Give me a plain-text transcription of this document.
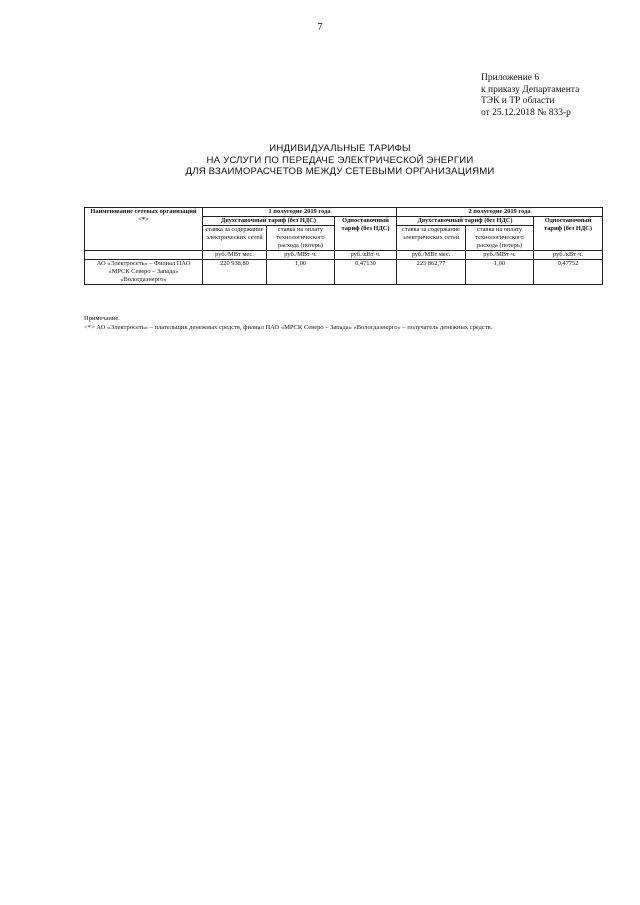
7
Приложение 6
к приказу Департамента
ТЭК и ТР области
от 25.12.2018 № 833-р
ИНДИВИДУАЛЬНЫЕ ТАРИФЫ
НА УСЛУГИ ПО ПЕРЕДАЧЕ ЭЛЕКТРИЧЕСКОЙ ЭНЕРГИИ
ДЛЯ ВЗАИМОРАСЧЕТОВ МЕЖДУ СЕТЕВЫМИ ОРГАНИЗАЦИЯМИ
Наименование сетевых организаций <*>	1 полугодие 2019 года			2 полугодие 2019 года		
	Двухставочный тариф (без НДС)		Одноставочный тариф (без НДС)	Двухставочный тариф (без НДС)		Одноставочный тариф (без НДС)
	ставка за содержание электрических сетей	ставка на оплату технологического расхода (потерь)		ставка за содержание электрических сетей	ставка на оплату технологического расхода (потерь)	
	руб./МВт мес.	руб./МВт·ч.	руб./кВт·ч.	руб./МВт мес.	руб./МВт·ч.	руб./кВт·ч.
АО «Электросеть» – Филиал ПАО «МРСК Северо – Запада» «Вологдаэнерго»	220 938,80	1,00	0,47130	223 862,77	1,00	0,47752
Примечание.
<*> АО «Электросеть» – плательщик денежных средств, филиал ПАО «МРСК Северо – Запада» «Вологдаэнерго» – получатель денежных средств.
